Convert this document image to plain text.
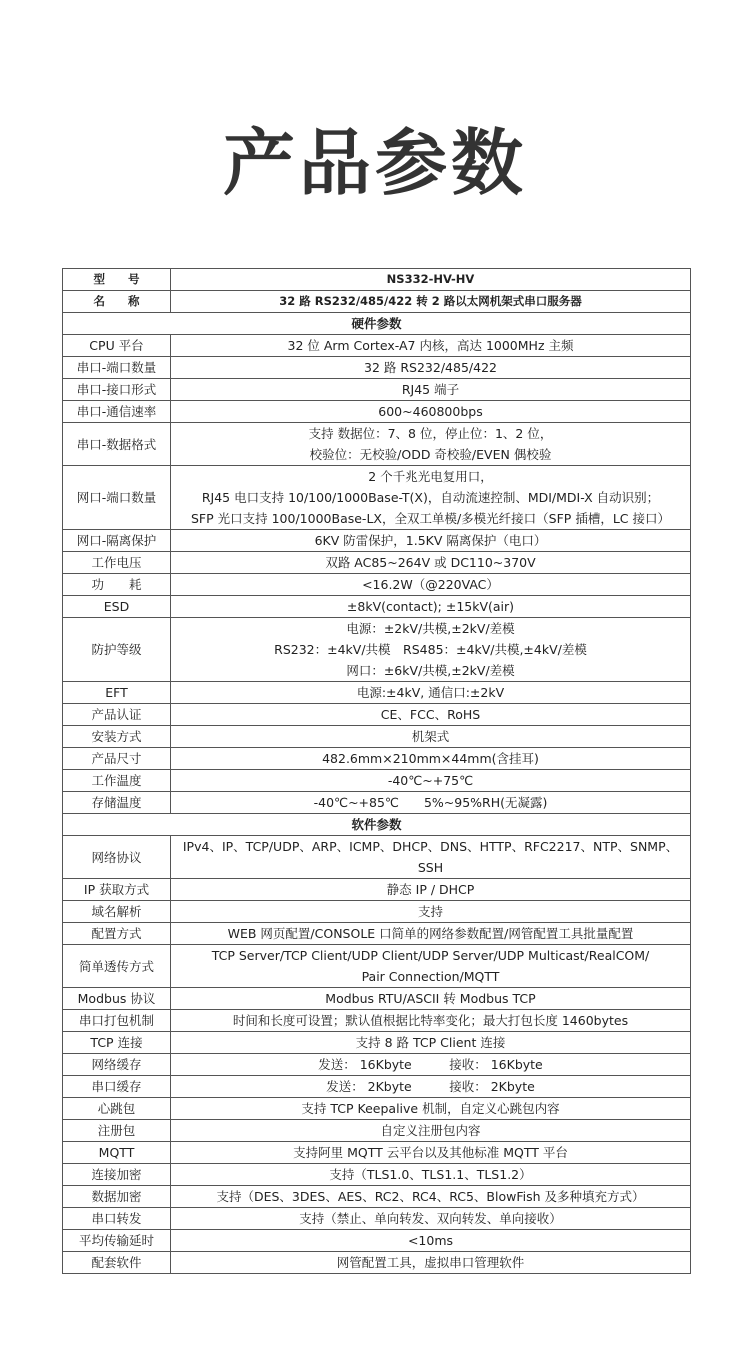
产品参数
型　　号	NS332-HV-HV

名　　称	32 路 RS232/485/422 转 2 路以太网机架式串口服务器

硬件参数	
CPU 平台	32 位 Arm Cortex-A7 内核，高达 1000MHz 主频

串口-端口数量	32 路 RS232/485/422

串口-接口形式	RJ45 端子

串口-通信速率	600~460800bps

串口-数据格式	支持 数据位：7、8 位，停止位：1、2 位，
校验位：无校验/ODD 奇校验/EVEN 偶校验

网口-端口数量	2 个千兆光电复用口，
RJ45 电口支持 10/100/1000Base-T(X)，自动流速控制、MDI/MDI-X 自动识别；
SFP 光口支持 100/1000Base-LX，全双工单模/多模光纤接口（SFP 插槽，LC 接口）

网口-隔离保护	6KV 防雷保护，1.5KV 隔离保护（电口）

工作电压	双路 AC85~264V 或 DC110~370V

功　　耗	<16.2W（@220VAC）

ESD	±8kV(contact); ±15kV(air)

防护等级	电源：±2kV/共模,±2kV/差模
RS232：±4kV/共模　RS485：±4kV/共模,±4kV/差模
网口：±6kV/共模,±2kV/差模

EFT	电源:±4kV, 通信口:±2kV

产品认证	CE、FCC、RoHS

安装方式	机架式

产品尺寸	482.6mm×210mm×44mm(含挂耳)

工作温度	-40℃~+75℃

存储温度	-40℃~+85℃　　5%~95%RH(无凝露)

软件参数	
网络协议	IPv4、IP、TCP/UDP、ARP、ICMP、DHCP、DNS、HTTP、RFC2217、NTP、SNMP、
SSH

IP 获取方式	静态 IP / DHCP

域名解析	支持

配置方式	WEB 网页配置/CONSOLE 口简单的网络参数配置/网管配置工具批量配置

简单透传方式	TCP Server/TCP Client/UDP Client/UDP Server/UDP Multicast/RealCOM/
Pair Connection/MQTT

Modbus 协议	Modbus RTU/ASCII 转 Modbus TCP

串口打包机制	时间和长度可设置；默认值根据比特率变化；最大打包长度 1460bytes

TCP 连接	支持 8 路 TCP Client 连接

网络缓存	发送： 16Kbyte　　　接收： 16Kbyte

串口缓存	发送： 2Kbyte　　　接收： 2Kbyte

心跳包	支持 TCP Keepalive 机制，自定义心跳包内容

注册包	自定义注册包内容

MQTT	支持阿里 MQTT 云平台以及其他标准 MQTT 平台

连接加密	支持（TLS1.0、TLS1.1、TLS1.2）

数据加密	支持（DES、3DES、AES、RC2、RC4、RC5、BlowFish 及多种填充方式）

串口转发	支持（禁止、单向转发、双向转发、单向接收）

平均传输延时	<10ms

配套软件	网管配置工具，虚拟串口管理软件
